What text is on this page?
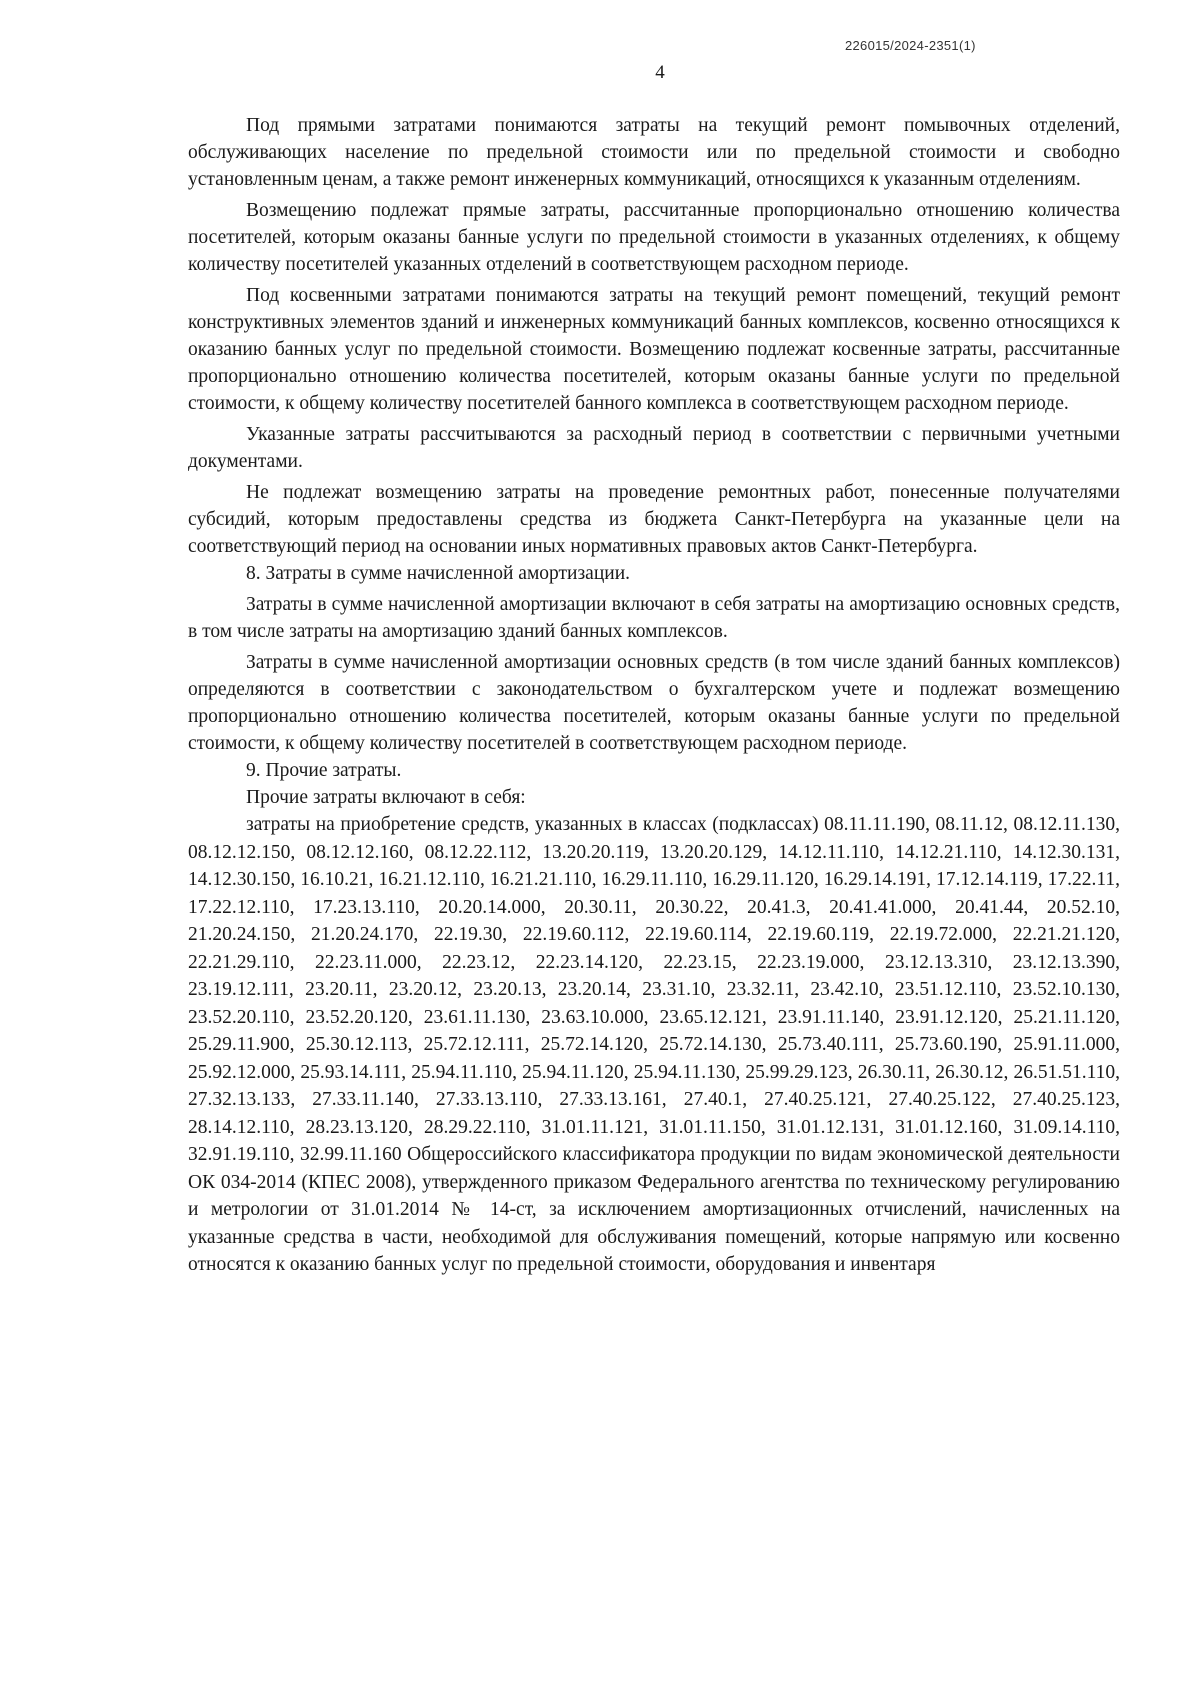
226015/2024-2351(1)
4

Под прямыми затратами понимаются затраты на текущий ремонт помывочных отделений, обслуживающих население по предельной стоимости или по предельной стоимости и свободно установленным ценам, а также ремонт инженерных коммуникаций, относящихся к указанным отделениям.

Возмещению подлежат прямые затраты, рассчитанные пропорционально отношению количества посетителей, которым оказаны банные услуги по предельной стоимости в указанных отделениях, к общему количеству посетителей указанных отделений в соответствующем расходном периоде.

Под косвенными затратами понимаются затраты на текущий ремонт помещений, текущий ремонт конструктивных элементов зданий и инженерных коммуникаций банных комплексов, косвенно относящихся к оказанию банных услуг по предельной стоимости. Возмещению подлежат косвенные затраты, рассчитанные пропорционально отношению количества посетителей, которым оказаны банные услуги по предельной стоимости, к общему количеству посетителей банного комплекса в соответствующем расходном периоде.

Указанные затраты рассчитываются за расходный период в соответствии с первичными учетными документами.

Не подлежат возмещению затраты на проведение ремонтных работ, понесенные получателями субсидий, которым предоставлены средства из бюджета Санкт-Петербурга на указанные цели на соответствующий период на основании иных нормативных правовых актов Санкт-Петербурга.

8. Затраты в сумме начисленной амортизации.

Затраты в сумме начисленной амортизации включают в себя затраты на амортизацию основных средств, в том числе затраты на амортизацию зданий банных комплексов.

Затраты в сумме начисленной амортизации основных средств (в том числе зданий банных комплексов) определяются в соответствии с законодательством о бухгалтерском учете и подлежат возмещению пропорционально отношению количества посетителей, которым оказаны банные услуги по предельной стоимости, к общему количеству посетителей в соответствующем расходном периоде.

9. Прочие затраты.

Прочие затраты включают в себя:

затраты на приобретение средств, указанных в классах (подклассах) 08.11.11.190, 08.11.12, 08.12.11.130, 08.12.12.150, 08.12.12.160, 08.12.22.112, 13.20.20.119, 13.20.20.129, 14.12.11.110, 14.12.21.110, 14.12.30.131, 14.12.30.150, 16.10.21, 16.21.12.110, 16.21.21.110, 16.29.11.110, 16.29.11.120, 16.29.14.191, 17.12.14.119, 17.22.11, 17.22.12.110, 17.23.13.110, 20.20.14.000, 20.30.11, 20.30.22, 20.41.3, 20.41.41.000, 20.41.44, 20.52.10, 21.20.24.150, 21.20.24.170, 22.19.30, 22.19.60.112, 22.19.60.114, 22.19.60.119, 22.19.72.000, 22.21.21.120, 22.21.29.110, 22.23.11.000, 22.23.12, 22.23.14.120, 22.23.15, 22.23.19.000, 23.12.13.310, 23.12.13.390, 23.19.12.111, 23.20.11, 23.20.12, 23.20.13, 23.20.14, 23.31.10, 23.32.11, 23.42.10, 23.51.12.110, 23.52.10.130, 23.52.20.110, 23.52.20.120, 23.61.11.130, 23.63.10.000, 23.65.12.121, 23.91.11.140, 23.91.12.120, 25.21.11.120, 25.29.11.900, 25.30.12.113, 25.72.12.111, 25.72.14.120, 25.72.14.130, 25.73.40.111, 25.73.60.190, 25.91.11.000, 25.92.12.000, 25.93.14.111, 25.94.11.110, 25.94.11.120, 25.94.11.130, 25.99.29.123, 26.30.11, 26.30.12, 26.51.51.110, 27.32.13.133, 27.33.11.140, 27.33.13.110, 27.33.13.161, 27.40.1, 27.40.25.121, 27.40.25.122, 27.40.25.123, 28.14.12.110, 28.23.13.120, 28.29.22.110, 31.01.11.121, 31.01.11.150, 31.01.12.131, 31.01.12.160, 31.09.14.110, 32.91.19.110, 32.99.11.160 Общероссийского классификатора продукции по видам экономической деятельности ОК 034-2014 (КПЕС 2008), утвержденного приказом Федерального агентства по техническому регулированию и метрологии от 31.01.2014 № 14-ст, за исключением амортизационных отчислений, начисленных на указанные средства в части, необходимой для обслуживания помещений, которые напрямую или косвенно относятся к оказанию банных услуг по предельной стоимости, оборудования и инвентаря
